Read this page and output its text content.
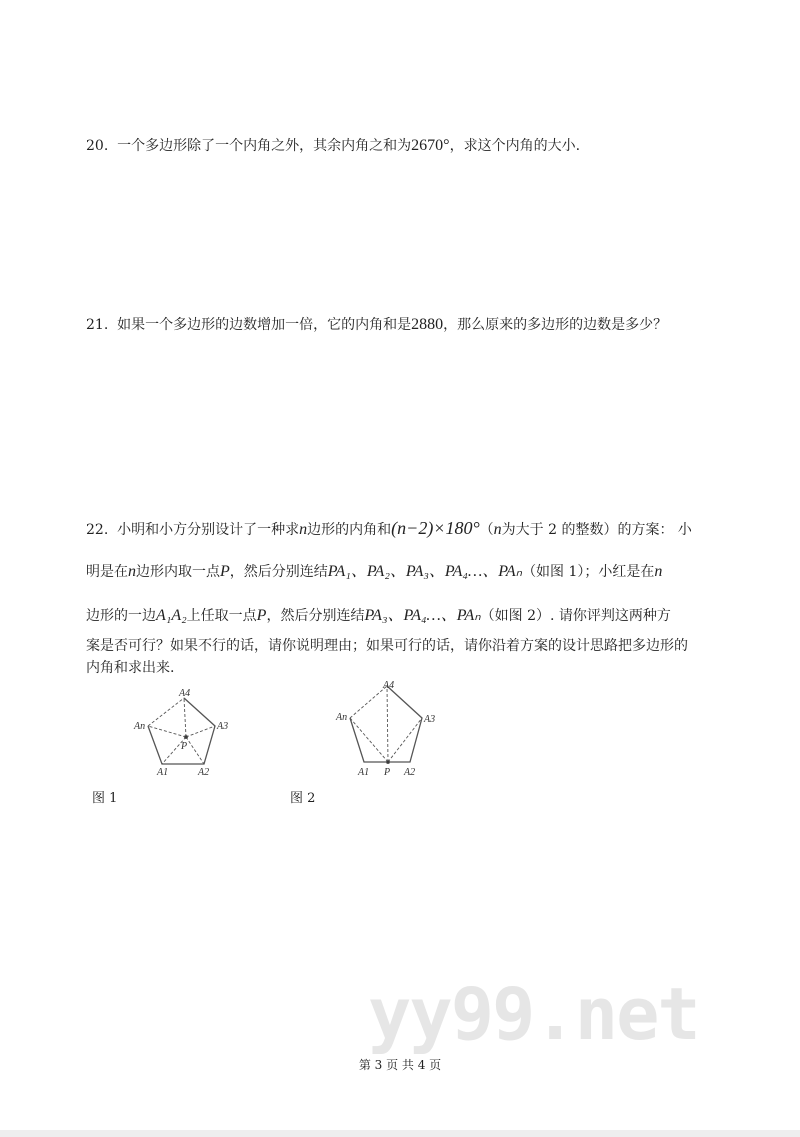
yy99.net
20. 一个多边形除了一个内角之外，其余内角之和为2670°，求这个内角的大小.
21. 如果一个多边形的边数增加一倍，它的内角和是2880，那么原来的多边形的边数是多少？
22. 小明和小方分别设计了一种求n边形的内角和(n−2)×180°（n为大于 2 的整数）的方案： 小
明是在n边形内取一点P，然后分别连结PA₁、PA₂、PA₃、PA₄…、PAₙ（如图 1）；小红是在n
边形的一边A₁A₂上任取一点P，然后分别连结PA₃、PA₄…、PAₙ（如图 2）. 请你评判这两种方
案是否可行？如果不行的话，请你说明理由；如果可行的话，请你沿着方案的设计思路把多边形的
内角和求出来.
A4
An	A3
A1	A2
P
A4
An	A3
A1 P A2
图 1	图 2
第 3 页 共 4 页
